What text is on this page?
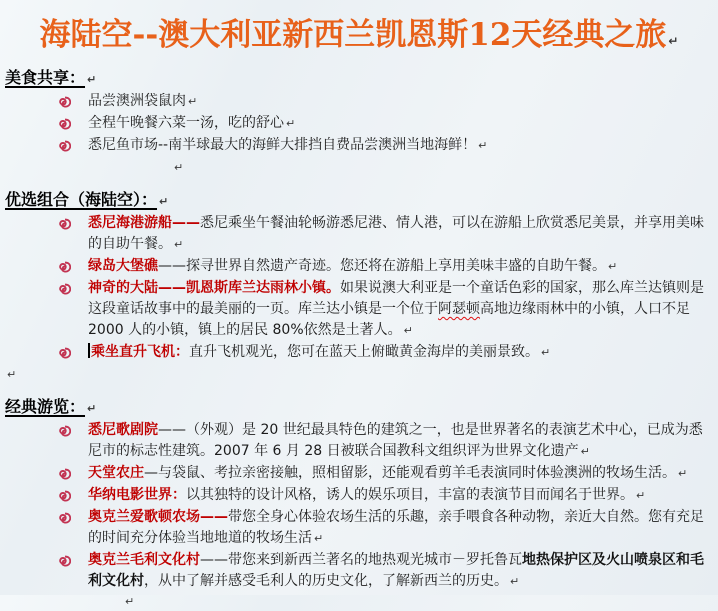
海陆空--澳大利亚新西兰凯恩斯12天经典之旅 ↵
美食共享： ↵
品尝澳洲袋鼠肉 ↵
全程午晚餐六菜一汤，吃的舒心 ↵
悉尼鱼市场--南半球最大的海鲜大排挡自费品尝澳洲当地海鲜！ ↵
↵
优选组合（海陆空）： ↵
悉尼海港游船——悉尼乘坐午餐油轮畅游悉尼港、情人港，可以在游船上欣赏悉尼美景，并享用美味的自助午餐。 ↵
绿岛大堡礁——探寻世界自然遗产奇迹。您还将在游船上享用美味丰盛的自助午餐。 ↵
神奇的大陆——凯恩斯库兰达雨林小镇。如果说澳大利亚是一个童话色彩的国家，那么库兰达镇则是这段童话故事中的最美丽的一页。库兰达小镇是一个位于阿瑟顿高地边缘雨林中的小镇，人口不足 2000 人的小镇，镇上的居民 80%依然是土著人。 ↵
乘坐直升飞机：直升飞机观光，您可在蓝天上俯瞰黄金海岸的美丽景致。 ↵
↵
经典游览： ↵
悉尼歌剧院——（外观）是 20 世纪最具特色的建筑之一，也是世界著名的表演艺术中心，已成为悉尼市的标志性建筑。2007 年 6 月 28 日被联合国教科文组织评为世界文化遗产 ↵
天堂农庄—与袋鼠、考拉亲密接触，照相留影，还能观看剪羊毛表演同时体验澳洲的牧场生活。 ↵
华纳电影世界：以其独特的设计风格，诱人的娱乐项目，丰富的表演节目而闻名于世界。 ↵
奥克兰爱歌顿农场——带您全身心体验农场生活的乐趣，亲手喂食各种动物，亲近大自然。您有充足的时间充分体验当地地道的牧场生活 ↵
奥克兰毛利文化村——带您来到新西兰著名的地热观光城市－罗托鲁瓦地热保护区及火山喷泉区和毛利文化村，从中了解并感受毛利人的历史文化，了解新西兰的历史。 ↵
↵
